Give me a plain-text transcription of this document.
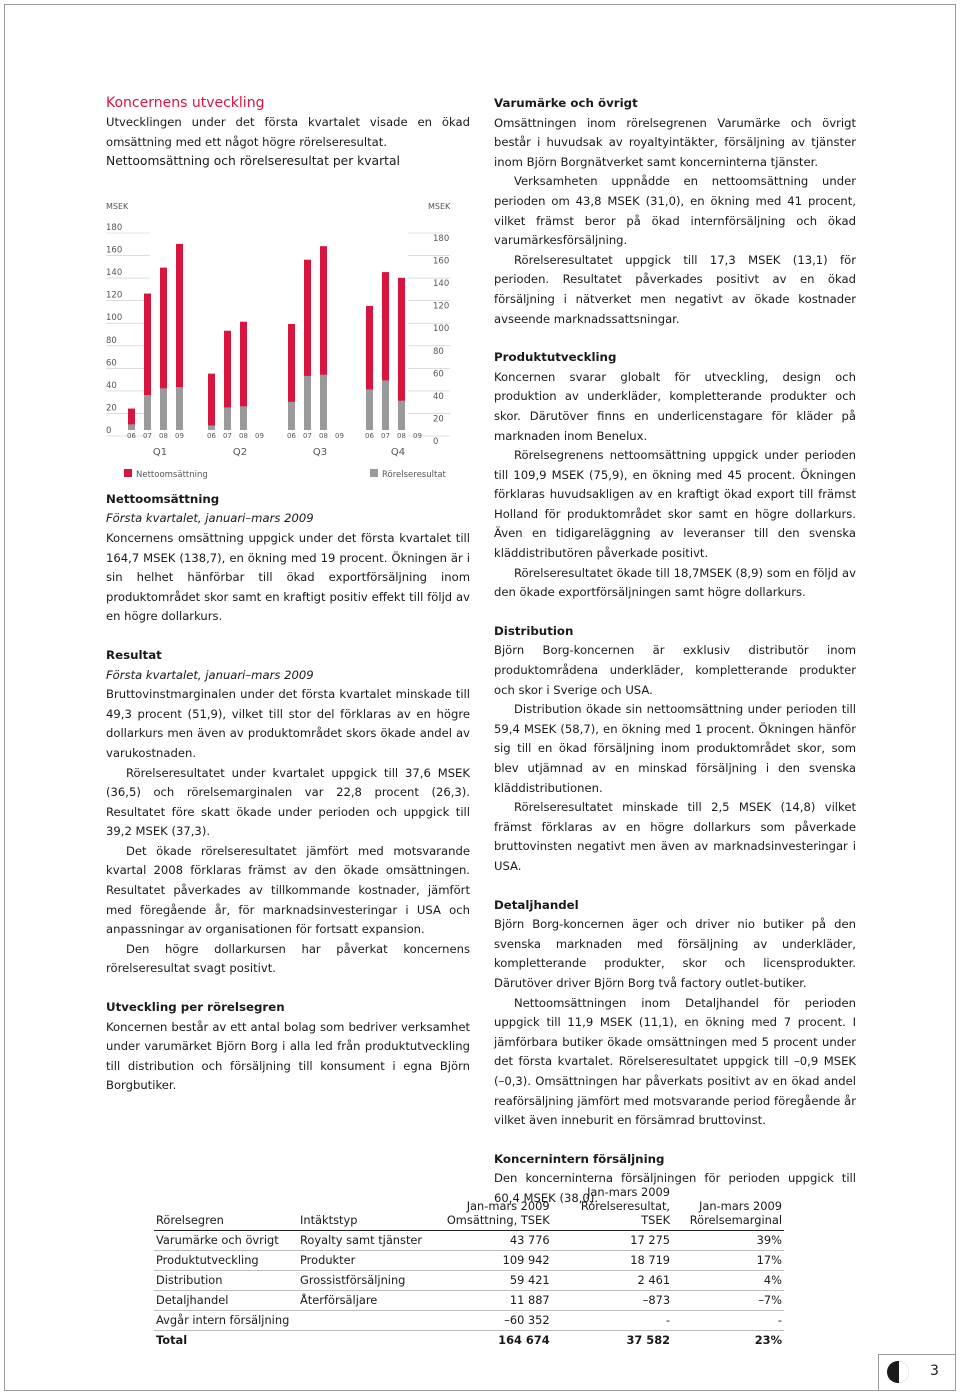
Koncernens utveckling

Utvecklingen under det första kvartalet visade en ökad omsättning med ett något högre rörelseresultat.

Nettoomsättning och rörelseresultat per kvartal

Nettoomsättning

Första kvartalet, januari–mars 2009

Koncernens omsättning uppgick under det första kvartalet till 164,7 MSEK (138,7), en ökning med 19 procent. Ökningen är i sin helhet hänförbar till ökad exportförsäljning inom produktområdet skor samt en kraftigt positiv effekt till följd av en högre dollarkurs.

Resultat

Första kvartalet, januari–mars 2009

Bruttovinstmarginalen under det första kvartalet minskade till 49,3 procent (51,9), vilket till stor del förklaras av en högre dollarkurs men även av produktområdet skors ökade andel av varukostnaden.

Rörelseresultatet under kvartalet uppgick till 37,6 MSEK (36,5) och rörelsemarginalen var 22,8 procent (26,3). Resultatet före skatt ökade under perioden och uppgick till 39,2 MSEK (37,3).

Det ökade rörelseresultatet jämfört med motsvarande kvartal 2008 förklaras främst av den ökade omsättningen. Resultatet påverkades av tillkommande kostnader, jämfört med föregående år, för marknadsinvesteringar i USA och anpassningar av organisationen för fortsatt expansion.

Den högre dollarkursen har påverkat koncernens rörelseresultat svagt positivt.

Utveckling per rörelsegren

Koncernen består av ett antal bolag som bedriver verksamhet under varumärket Björn Borg i alla led från produktutveckling till distribution och försäljning till konsument i egna Björn Borgbutiker.

MSEK	MSEK
0
0
20
20
40
40
60
60
80
80
100
100
120
120
140
140
160
160
180
180
06 07 08 09
Q1
06 07 08 09
Q2
06 07 08 09
Q3
06 07 08 09
Q4
Nettoomsättning	Rörelseresultat

Varumärke och övrigt

Omsättningen inom rörelsegrenen Varumärke och övrigt består i huvudsak av royaltyintäkter, försäljning av tjänster inom Björn Borgnätverket samt koncerninterna tjänster.

Verksamheten uppnådde en nettoomsättning under perioden om 43,8 MSEK (31,0), en ökning med 41 procent, vilket främst beror på ökad internförsäljning och ökad varumärkesförsäljning.

Rörelseresultatet uppgick till 17,3 MSEK (13,1) för perioden. Resultatet påverkades positivt av en ökad försäljning i nätverket men negativt av ökade kostnader avseende marknadssattsningar.

Produktutveckling

Koncernen svarar globalt för utveckling, design och produktion av underkläder, kompletterande produkter och skor. Därutöver finns en underlicenstagare för kläder på marknaden inom Benelux.

Rörelsegrenens nettoomsättning uppgick under perioden till 109,9 MSEK (75,9), en ökning med 45 procent. Ökningen förklaras huvudsakligen av en kraftigt ökad export till främst Holland för produktområdet skor samt en högre dollarkurs. Även en tidigareläggning av leveranser till den svenska kläddistributören påverkade positivt.

Rörelseresultatet ökade till 18,7MSEK (8,9) som en följd av den ökade exportförsäljningen samt högre dollarkurs.

Distribution

Björn Borg-koncernen är exklusiv distributör inom produktområdena underkläder, kompletterande produkter och skor i Sverige och USA.

Distribution ökade sin nettoomsättning under perioden till 59,4 MSEK (58,7), en ökning med 1 procent. Ökningen hänför sig till en ökad försäljning inom produktområdet skor, som blev utjämnad av en minskad försäljning i den svenska kläddistributionen.

Rörelseresultatet minskade till 2,5 MSEK (14,8) vilket främst förklaras av en högre dollarkurs som påverkade bruttovinsten negativt men även av marknadsinvesteringar i USA.

Detaljhandel

Björn Borg-koncernen äger och driver nio butiker på den svenska marknaden med försäljning av underkläder, kompletterande produkter, skor och licensprodukter. Därutöver driver Björn Borg två factory outlet-butiker.

Nettoomsättningen inom Detaljhandel för perioden uppgick till 11,9 MSEK (11,1), en ökning med 7 procent. I jämförbara butiker ökade omsättningen med 5 procent under det första kvartalet. Rörelseresultatet uppgick till –0,9 MSEK (–0,3). Omsättningen har påverkats positivt av en ökad andel reaförsäljning jämfört med motsvarande period föregående år vilket även inneburit en försämrad bruttovinst.

Koncernintern försäljning

Den koncerninterna försäljningen för perioden uppgick till 60,4 MSEK (38,0).

Rörelsegren	Intäktstyp	Jan-mars 2009
Omsättning, TSEK	Jan-mars 2009
Rörelseresultat, TSEK	Jan-mars 2009
Rörelsemarginal
Varumärke och övrigt	Royalty samt tjänster	43 776	17 275	39%
Produktutveckling	Produkter	109 942	18 719	17%
Distribution	Grossistförsäljning	59 421	2 461	4%
Detaljhandel	Återförsäljare	11 887	–873	–7%
Avgår intern försäljning		–60 352	-	-
Total		164 674	37 582	23%
3
